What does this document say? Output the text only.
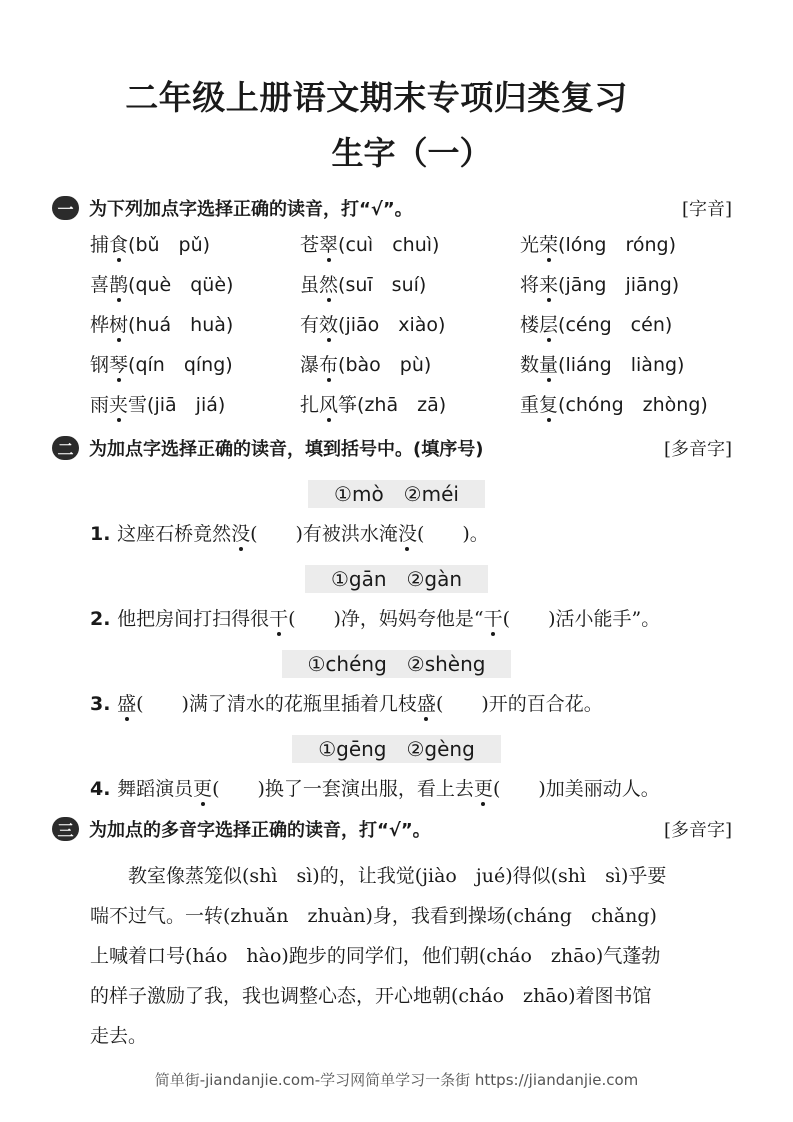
二年级上册语文期末专项归类复习
生字（一）
一 为下列加点字选择正确的读音，打“√”。	[字音]
捕食(bǔ　pǔ)	苍翠(cuì　chuì)	光荣(lóng　róng)
喜鹊(què　qüè)	虽然(suī　suí)	将来(jāng　jiāng)
桦树(huá　huà)	有效(jiāo　xiào)	楼层(céng　cén)
钢琴(qín　qíng)	瀑布(bào　pù)	数量(liáng　liàng)
雨夹雪(jiā　jiá)	扎风筝(zhā　zā)	重复(chóng　zhòng)
二 为加点字选择正确的读音，填到括号中。(填序号)	[多音字]
①mò　②méi
1. 这座石桥竟然没( )有被洪水淹没( )。
①gān　②gàn
2. 他把房间打扫得很干( )净，妈妈夸他是“干( )活小能手”。
①chéng　②shèng
3. 盛( )满了清水的花瓶里插着几枝盛( )开的百合花。
①gēng　②gèng
4. 舞蹈演员更( )换了一套演出服，看上去更( )加美丽动人。
三 为加点的多音字选择正确的读音，打“√”。	[多音字]

　　教室像蒸笼似(shì　sì)的，让我觉(jiào　jué)得似(shì　sì)乎要

喘不过气。一转(zhuǎn　zhuàn)身，我看到操场(cháng　chǎng)

上喊着口号(háo　hào)跑步的同学们，他们朝(cháo　zhāo)气蓬勃

的样子激励了我，我也调整心态，开心地朝(cháo　zhāo)着图书馆

走去。

简单街-jiandanjie.com-学习网简单学习一条街 https://jiandanjie.com
